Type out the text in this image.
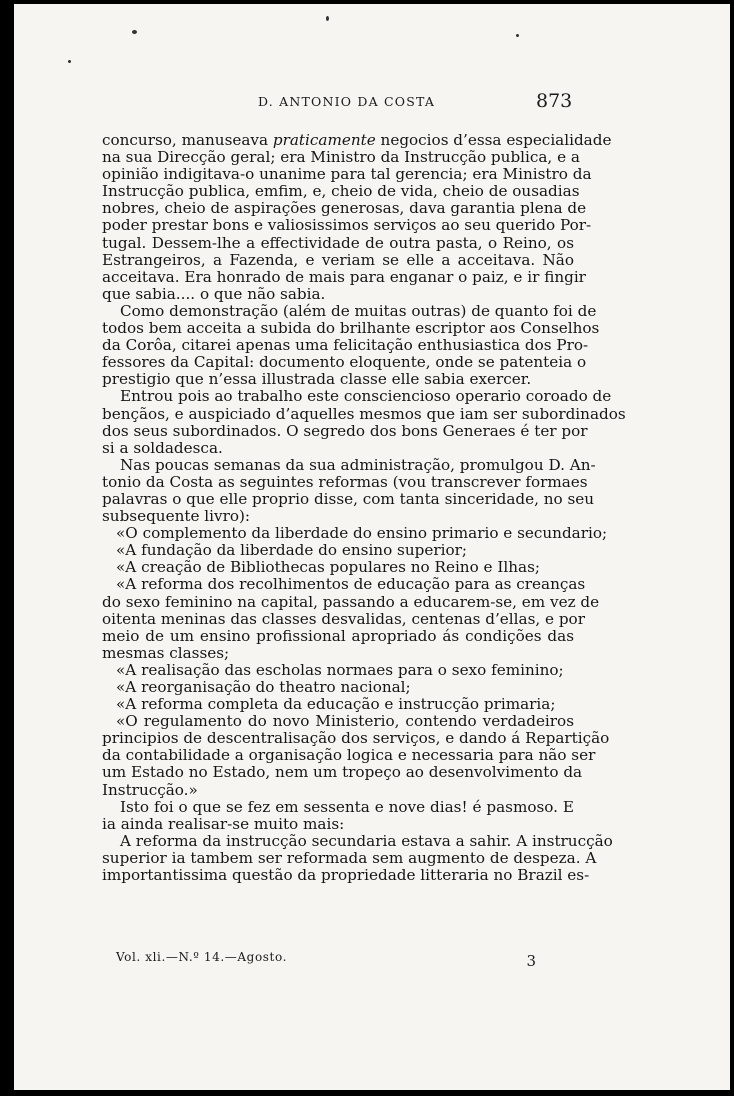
D. ANTONIO DA COSTA	873
concurso, manuseava praticamente negocios d’essa especialidade
na sua Direcção geral; era Ministro da Instrucção publica, e a
opinião indigitava-o unanime para tal gerencia; era Ministro da
Instrucção publica, emfim, e, cheio de vida, cheio de ousadias
nobres, cheio de aspirações generosas, dava garantia plena de
poder prestar bons e valiosissimos serviços ao seu querido Por-
tugal. Dessem-lhe a effectividade de outra pasta, o Reino, os
Estrangeiros, a Fazenda, e veriam se elle a acceitava. Não
acceitava. Era honrado de mais para enganar o paiz, e ir fingir
que sabia.... o que não sabia.
Como demonstração (além de muitas outras) de quanto foi de
todos bem acceita a subida do brilhante escriptor aos Conselhos
da Corôa, citarei apenas uma felicitação enthusiastica dos Pro-
fessores da Capital: documento eloquente, onde se patenteia o
prestigio que n’essa illustrada classe elle sabia exercer.
Entrou pois ao trabalho este consciencioso operario coroado de
bençãos, e auspiciado d’aquelles mesmos que iam ser subordinados
dos seus subordinados. O segredo dos bons Generaes é ter por
si a soldadesca.
Nas poucas semanas da sua administração, promulgou D. An-
tonio da Costa as seguintes reformas (vou transcrever formaes
palavras o que elle proprio disse, com tanta sinceridade, no seu
subsequente livro):
«O complemento da liberdade do ensino primario e secundario;
«A fundação da liberdade do ensino superior;
«A creação de Bibliothecas populares no Reino e Ilhas;
«A reforma dos recolhimentos de educação para as creanças
do sexo feminino na capital, passando a educarem-se, em vez de
oitenta meninas das classes desvalidas, centenas d’ellas, e por
meio de um ensino profissional apropriado ás condições das
mesmas classes;
«A realisação das escholas normaes para o sexo feminino;
«A reorganisação do theatro nacional;
«A reforma completa da educação e instrucção primaria;
«O regulamento do novo Ministerio, contendo verdadeiros
principios de descentralisação dos serviços, e dando á Repartição
da contabilidade a organisação logica e necessaria para não ser
um Estado no Estado, nem um tropeço ao desenvolvimento da
Instrucção.»
Isto foi o que se fez em sessenta e nove dias! é pasmoso. E
ia ainda realisar-se muito mais:
A reforma da instrucção secundaria estava a sahir. A instrucção
superior ia tambem ser reformada sem augmento de despeza. A
importantissima questão da propriedade litteraria no Brazil es-
Vol. xli.—N.º 14.—Agosto.	3
